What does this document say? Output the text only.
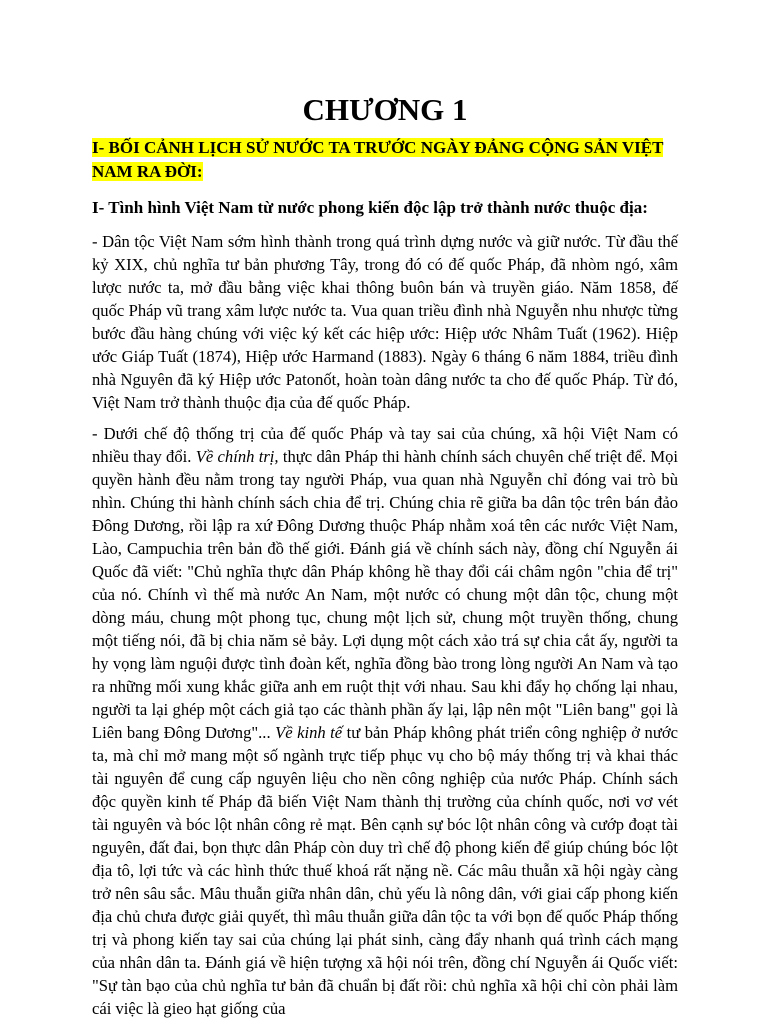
CHƯƠNG 1

I- BỐI CẢNH LỊCH SỬ NƯỚC TA TRƯỚC NGÀY ĐẢNG CỘNG SẢN VIỆT NAM RA ĐỜI:

I- Tình hình Việt Nam từ nước phong kiến độc lập trở thành nước thuộc địa:

- Dân tộc Việt Nam sớm hình thành trong quá trình dựng nước và giữ nước. Từ đầu thế kỷ XIX, chủ nghĩa tư bản phương Tây, trong đó có đế quốc Pháp, đã nhòm ngó, xâm lược nước ta, mở đầu bằng việc khai thông buôn bán và truyền giáo. Năm 1858, đế quốc Pháp vũ trang xâm lược nước ta. Vua quan triều đình nhà Nguyễn nhu nhược từng bước đầu hàng chúng với việc ký kết các hiệp ước: Hiệp ước Nhâm Tuất (1962). Hiệp ước Giáp Tuất (1874), Hiệp ước Harmand (1883). Ngày 6 tháng 6 năm 1884, triều đình nhà Nguyên đã ký Hiệp ước Patonốt, hoàn toàn dâng nước ta cho đế quốc Pháp. Từ đó, Việt Nam trở thành thuộc địa của đế quốc Pháp.

- Dưới chế độ thống trị của đế quốc Pháp và tay sai của chúng, xã hội Việt Nam có nhiều thay đổi. Về chính trị, thực dân Pháp thi hành chính sách chuyên chế triệt để. Mọi quyền hành đều nằm trong tay người Pháp, vua quan nhà Nguyễn chỉ đóng vai trò bù nhìn. Chúng thi hành chính sách chia để trị. Chúng chia rẽ giữa ba dân tộc trên bán đảo Đông Dương, rồi lập ra xứ Đông Dương thuộc Pháp nhằm xoá tên các nước Việt Nam, Lào, Campuchia trên bản đồ thế giới. Đánh giá về chính sách này, đồng chí Nguyễn ái Quốc đã viết: "Chủ nghĩa thực dân Pháp không hề thay đổi cái châm ngôn "chia để trị" của nó. Chính vì thế mà nước An Nam, một nước có chung một dân tộc, chung một dòng máu, chung một phong tục, chung một lịch sử, chung một truyền thống, chung một tiếng nói, đã bị chia năm sẻ bảy. Lợi dụng một cách xảo trá sự chia cắt ấy, người ta hy vọng làm nguội được tình đoàn kết, nghĩa đồng bào trong lòng người An Nam và tạo ra những mối xung khắc giữa anh em ruột thịt với nhau. Sau khi đẩy họ chống lại nhau, người ta lại ghép một cách giả tạo các thành phần ấy lại, lập nên một "Liên bang" gọi là Liên bang Đông Dương"... Về kinh tế tư bản Pháp không phát triển công nghiệp ở nước ta, mà chỉ mở mang một số ngành trực tiếp phục vụ cho bộ máy thống trị và khai thác tài nguyên để cung cấp nguyên liệu cho nền công nghiệp của nước Pháp. Chính sách độc quyền kinh tế Pháp đã biến Việt Nam thành thị trường của chính quốc, nơi vơ vét tài nguyên và bóc lột nhân công rẻ mạt. Bên cạnh sự bóc lột nhân công và cướp đoạt tài nguyên, đất đai, bọn thực dân Pháp còn duy trì chế độ phong kiến để giúp chúng bóc lột địa tô, lợi tức và các hình thức thuế khoá rất nặng nề. Các mâu thuẫn xã hội ngày càng trở nên sâu sắc. Mâu thuẫn giữa nhân dân, chủ yếu là nông dân, với giai cấp phong kiến địa chủ chưa được giải quyết, thì mâu thuẫn giữa dân tộc ta với bọn đế quốc Pháp thống trị và phong kiến tay sai của chúng lại phát sinh, càng đẩy nhanh quá trình cách mạng của nhân dân ta. Đánh giá về hiện tượng xã hội nói trên, đồng chí Nguyễn ái Quốc viết: "Sự tàn bạo của chủ nghĩa tư bản đã chuẩn bị đất rồi: chủ nghĩa xã hội chỉ còn phải làm cái việc là gieo hạt giống của
